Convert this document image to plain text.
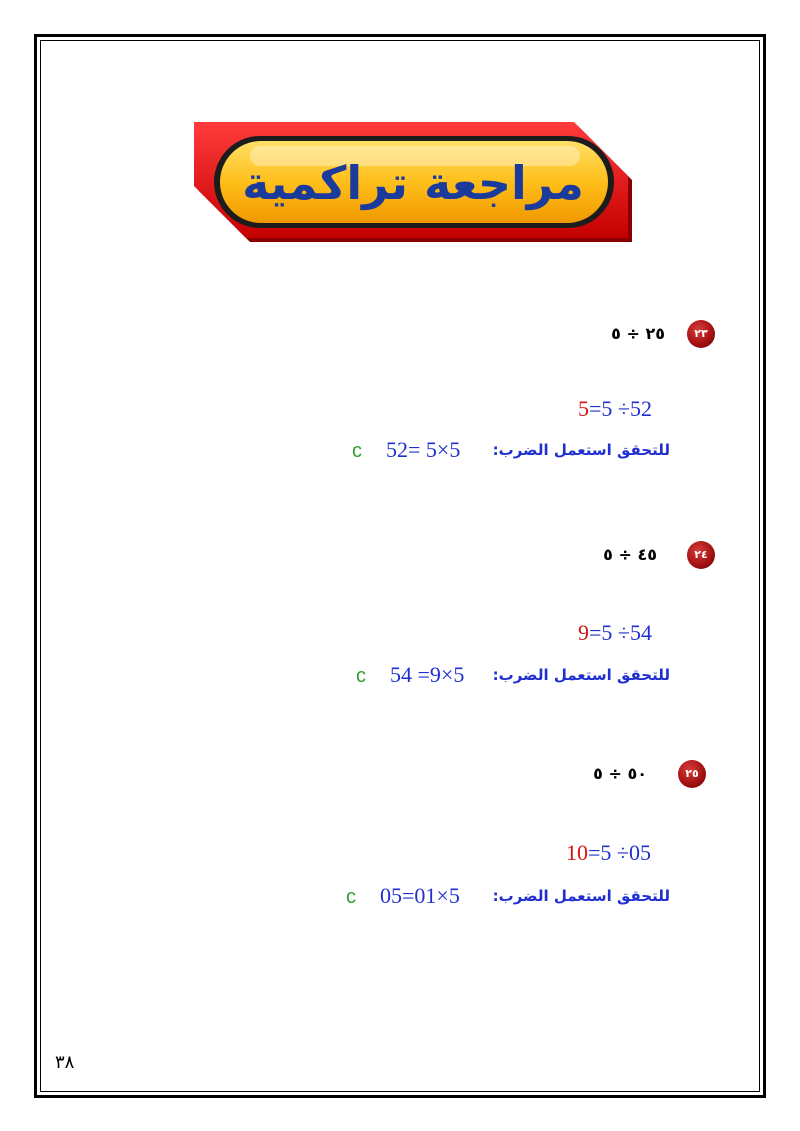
مراجعة تراكمية
٢٣
٢٥ ÷ ٥
525÷ 5=
للتحقق استعمل الضرب:
5×5 =25
c
٢٤
٤٥ ÷ ٥
945÷ 5=
للتحقق استعمل الضرب:
5×9= 45
c
٢٥
٥٠ ÷ ٥
1050÷ 5=
للتحقق استعمل الضرب:
5×10=50
c
٣٨
